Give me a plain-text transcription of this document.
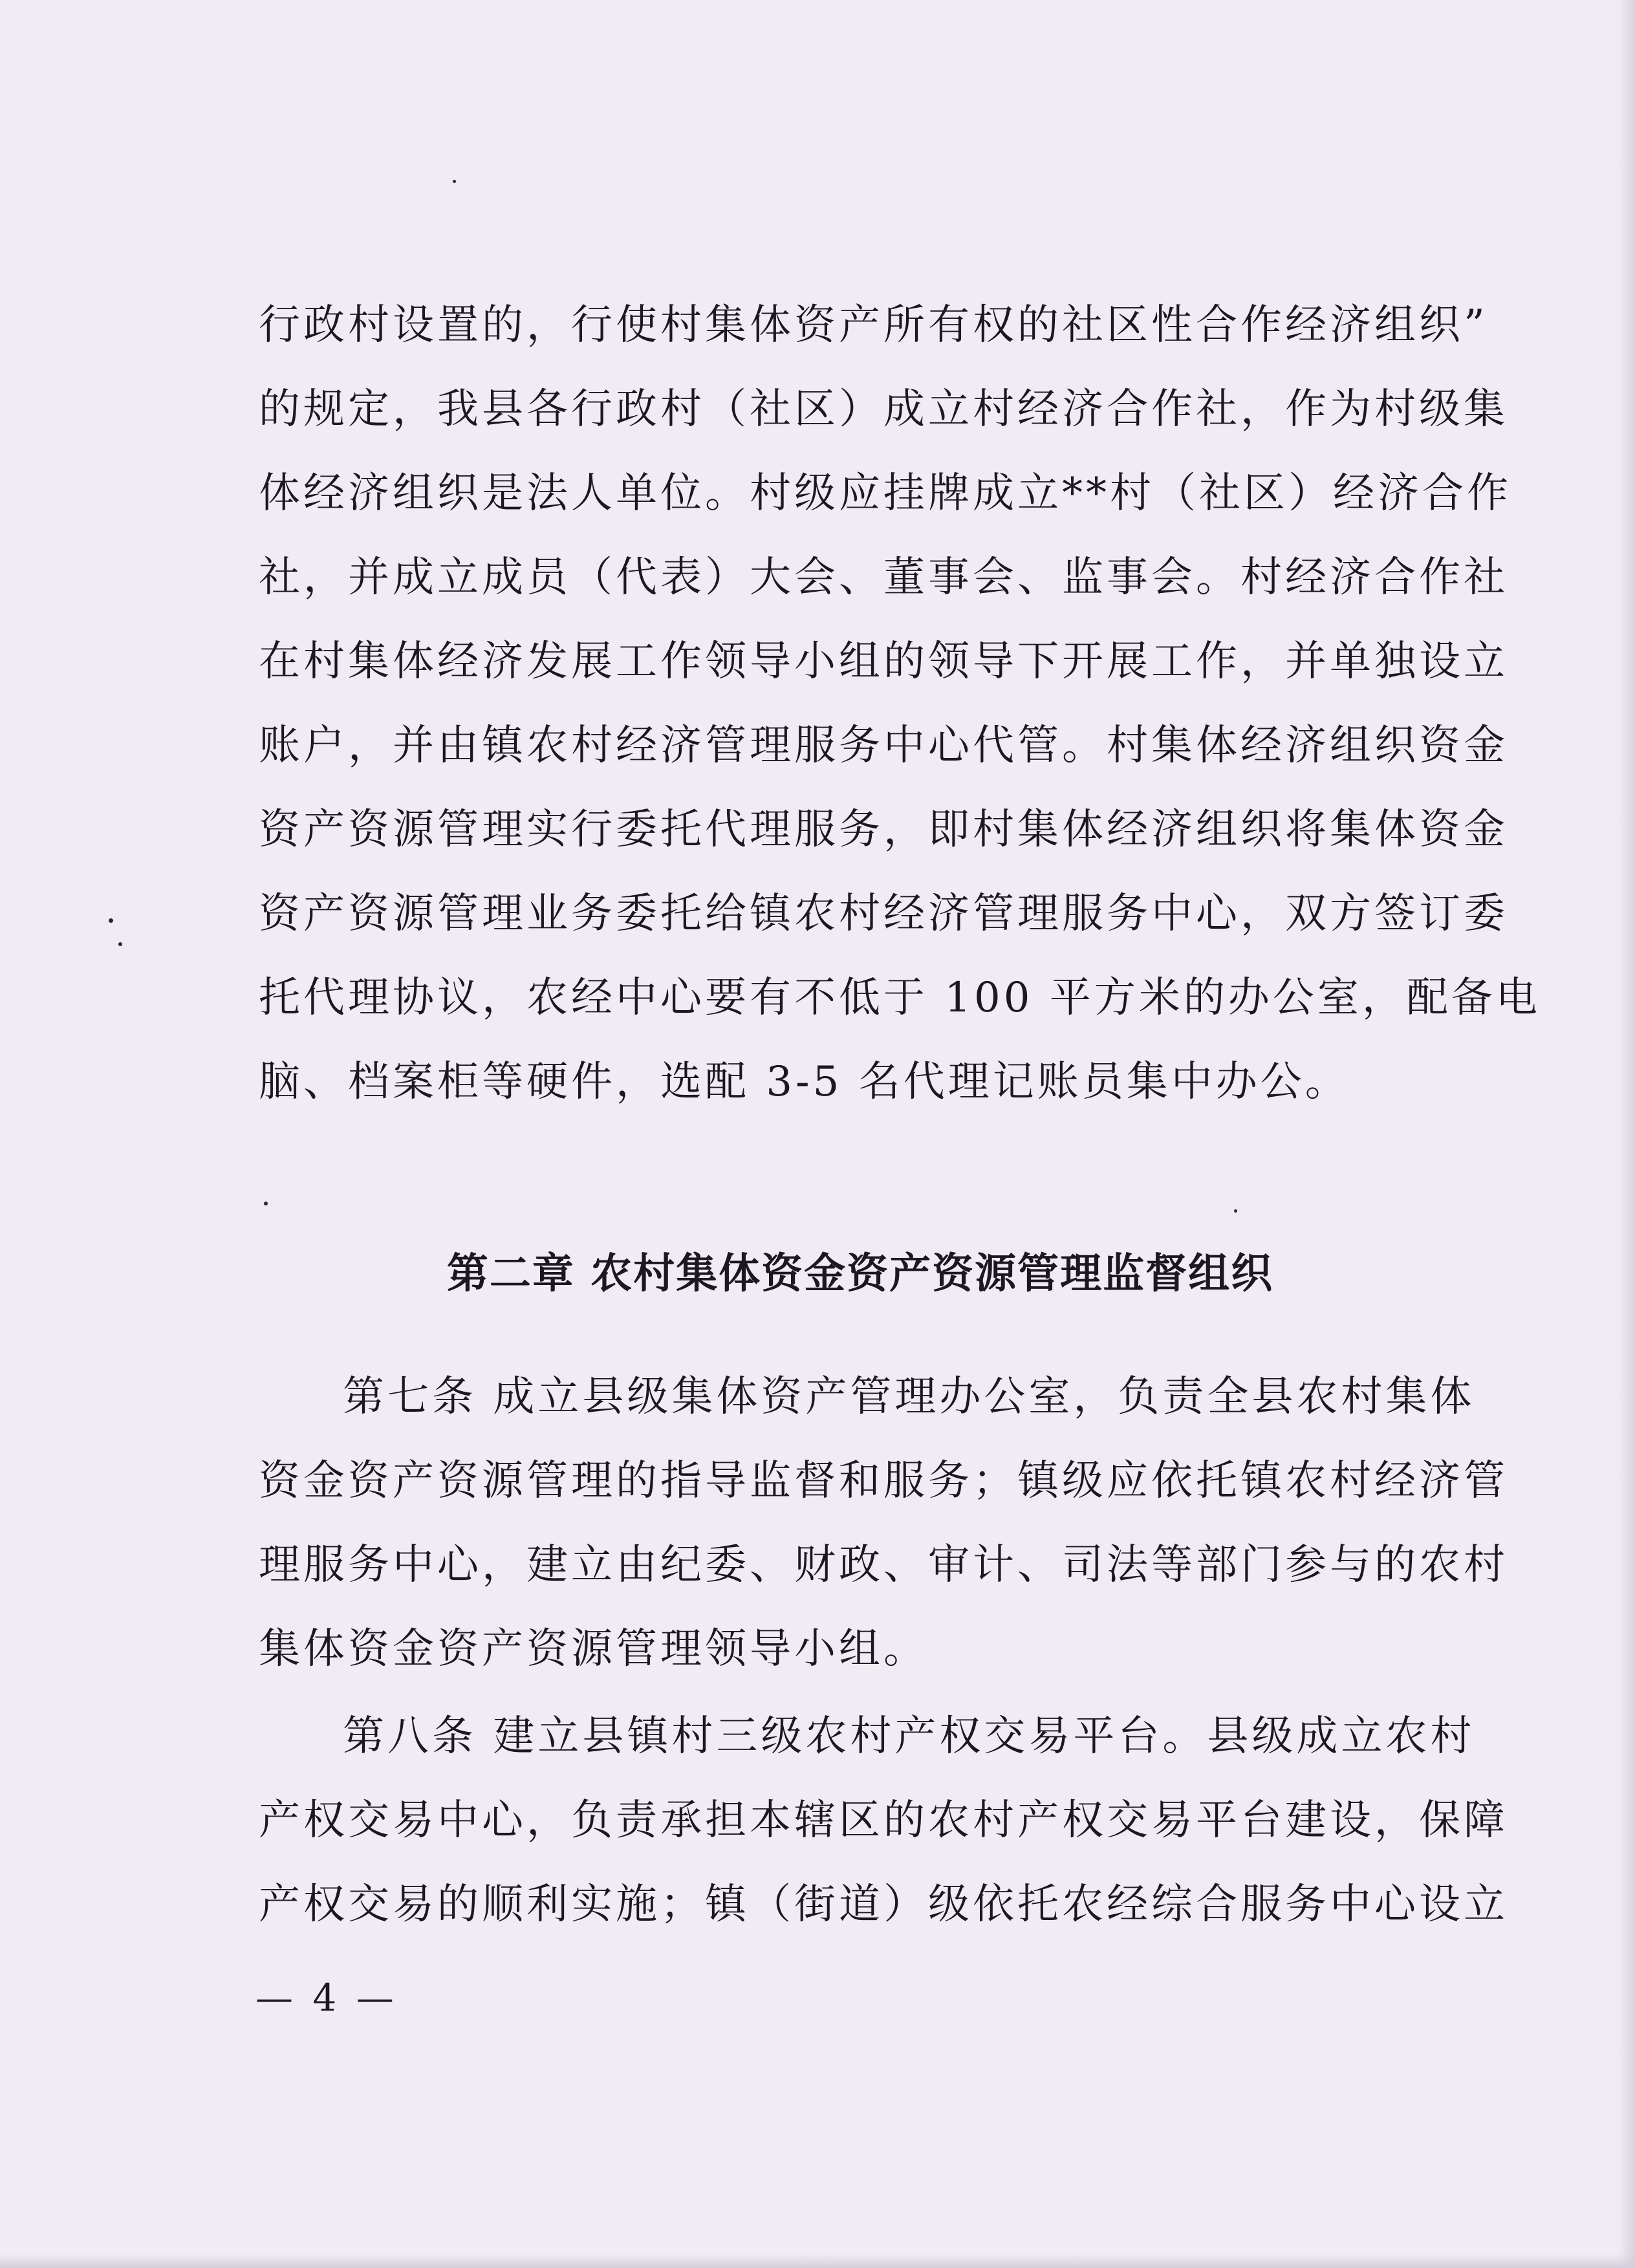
行政村设置的，行使村集体资产所有权的社区性合作经济组织”
的规定，我县各行政村（社区）成立村经济合作社，作为村级集
体经济组织是法人单位。村级应挂牌成立**村（社区）经济合作
社，并成立成员（代表）大会、董事会、监事会。村经济合作社
在村集体经济发展工作领导小组的领导下开展工作，并单独设立
账户，并由镇农村经济管理服务中心代管。村集体经济组织资金
资产资源管理实行委托代理服务，即村集体经济组织将集体资金
资产资源管理业务委托给镇农村经济管理服务中心，双方签订委
托代理协议，农经中心要有不低于 100 平方米的办公室，配备电
脑、档案柜等硬件，选配 3-5 名代理记账员集中办公。
第二章 农村集体资金资产资源管理监督组织
第七条 成立县级集体资产管理办公室，负责全县农村集体
资金资产资源管理的指导监督和服务；镇级应依托镇农村经济管
理服务中心，建立由纪委、财政、审计、司法等部门参与的农村
集体资金资产资源管理领导小组。
第八条 建立县镇村三级农村产权交易平台。县级成立农村
产权交易中心，负责承担本辖区的农村产权交易平台建设，保障
产权交易的顺利实施；镇（街道）级依托农经综合服务中心设立
— 4 —
